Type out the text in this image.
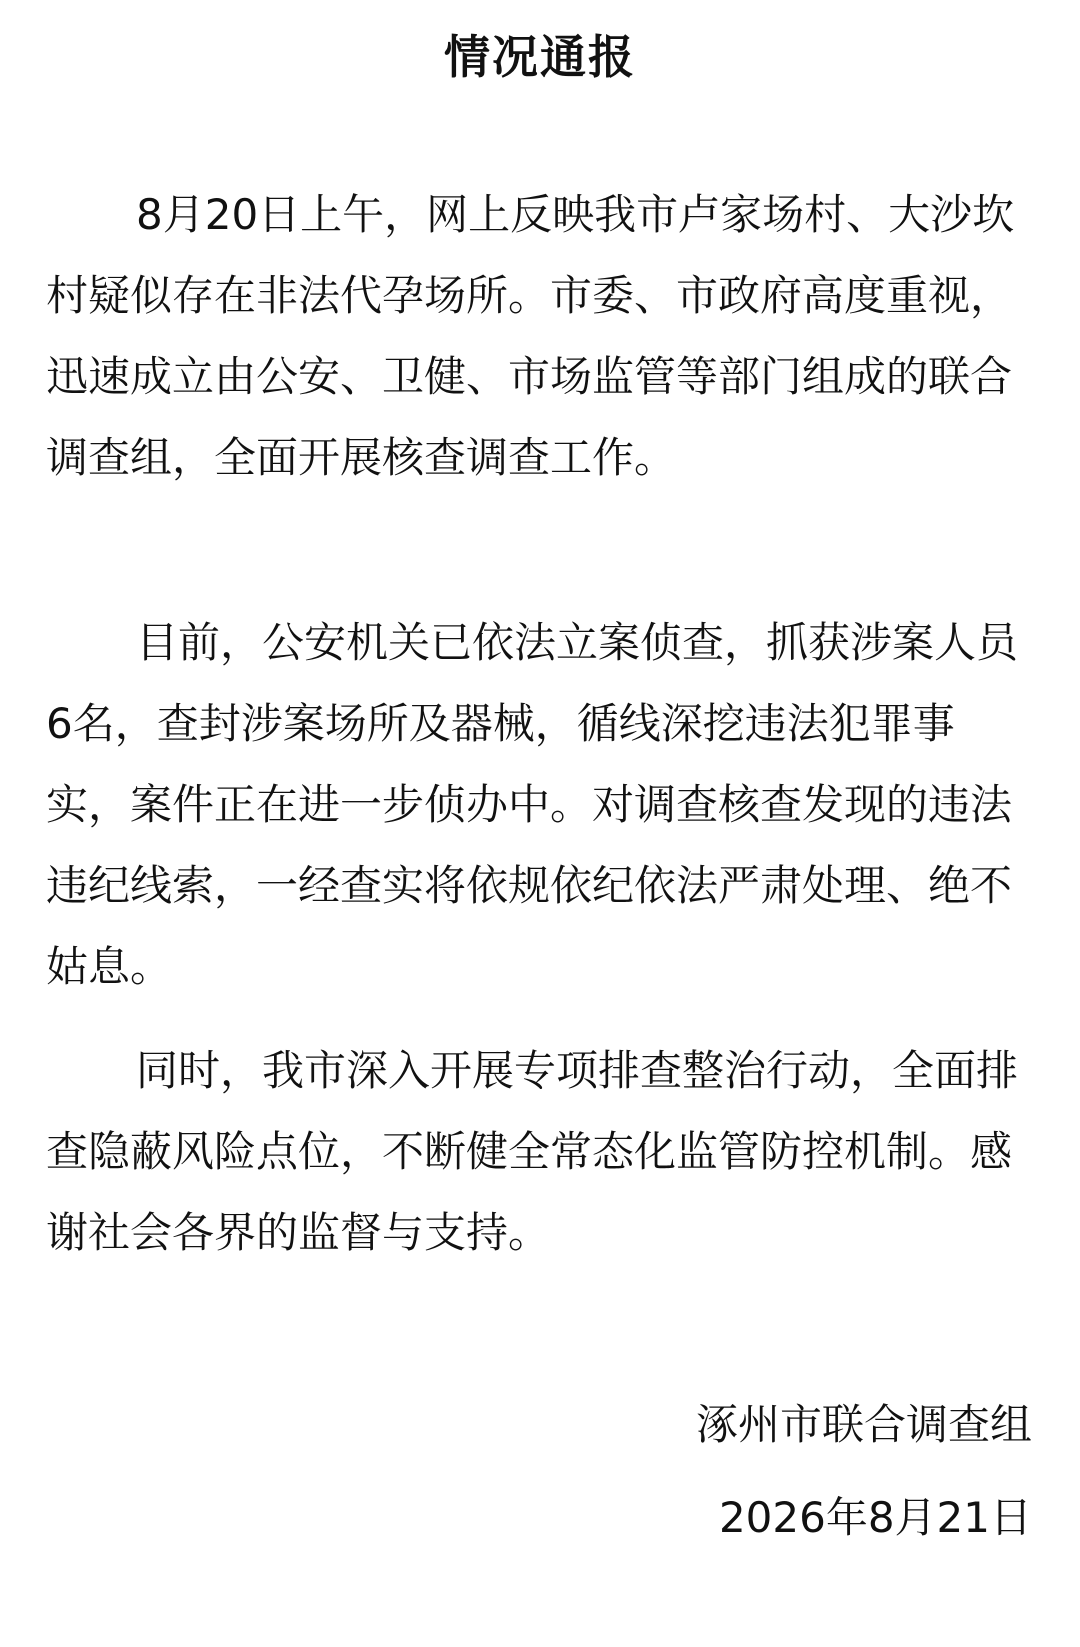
情况通报

8月20日上午，网上反映我市卢家场村、大沙坎村疑似存在非法代孕场所。市委、市政府高度重视，迅速成立由公安、卫健、市场监管等部门组成的联合调查组，全面开展核查调查工作。

目前，公安机关已依法立案侦查，抓获涉案人员6名，查封涉案场所及器械，循线深挖违法犯罪事实，案件正在进一步侦办中。对调查核查发现的违法违纪线索，一经查实将依规依纪依法严肃处理、绝不姑息。

同时，我市深入开展专项排查整治行动，全面排查隐蔽风险点位，不断健全常态化监管防控机制。感谢社会各界的监督与支持。

涿州市联合调查组
2026年8月21日
